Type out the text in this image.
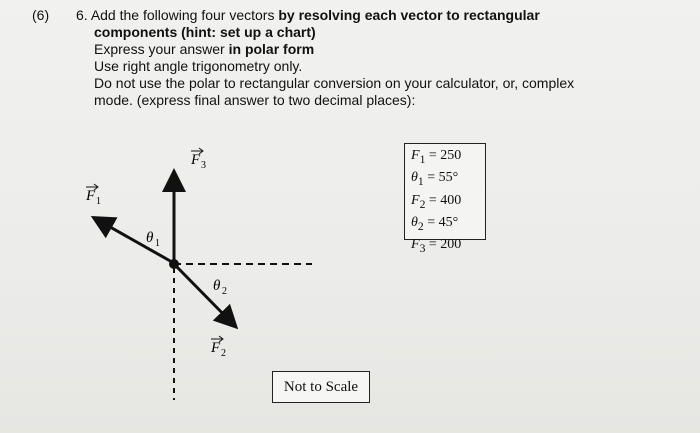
(6) 6. Add the following four vectors by resolving each vector to rectangular
components (hint: set up a chart)
Express your answer in polar form
Use right angle trigonometry only.
Do not use the polar to rectangular conversion on your calculator, or, complex
mode. (express final answer to two decimal places):
F 3
F 1
F 2
θ 1
θ 2
$F_1 = 250$
$\theta_1 = 55^\circ$
$F_2 = 400$
$\theta_2 = 45^\circ$
$F_3 = 200$
Not to Scale
